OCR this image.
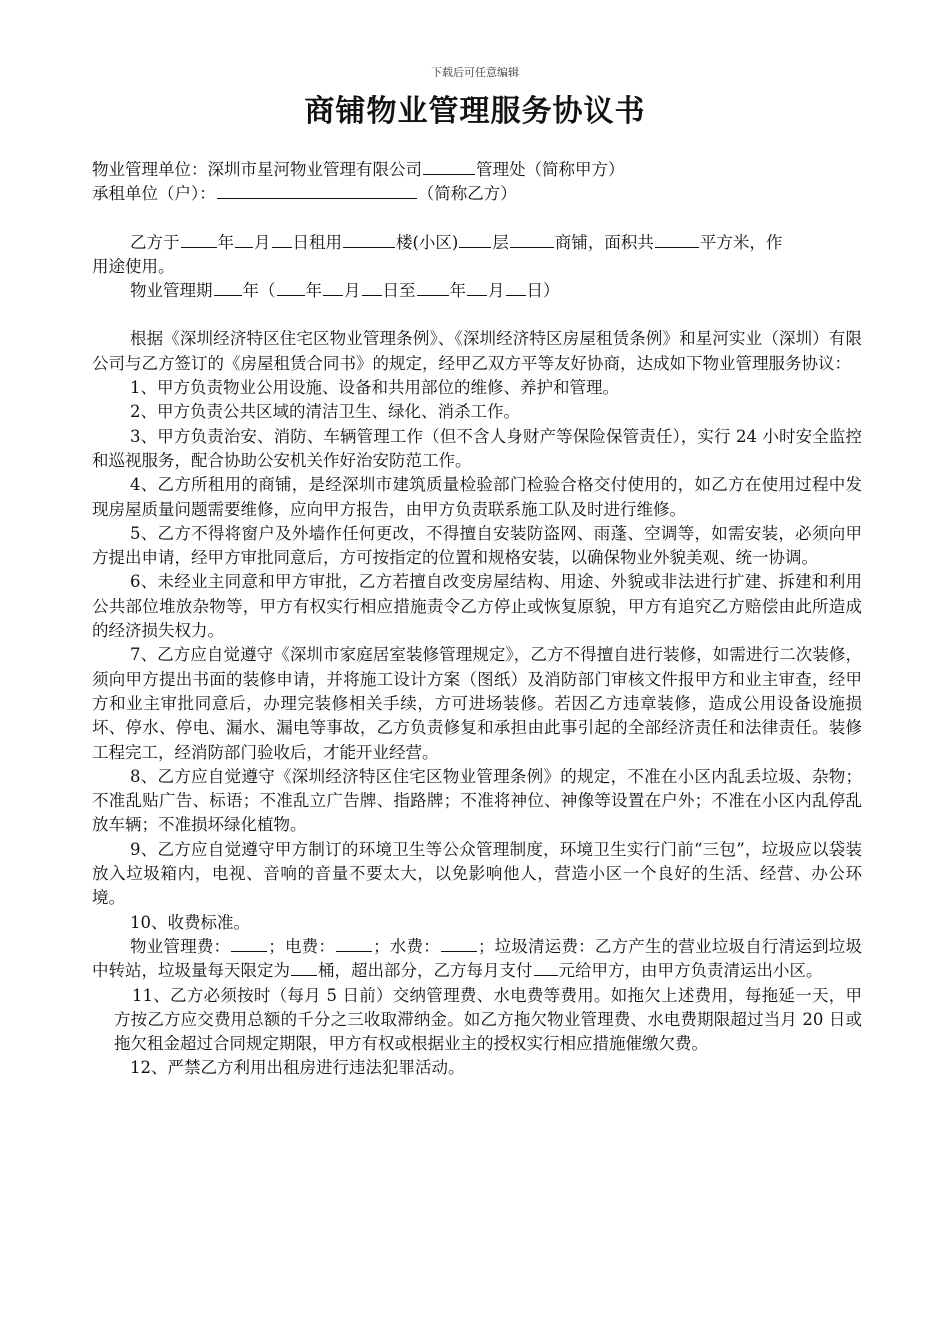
下载后可任意编辑
商铺物业管理服务协议书
物业管理单位：深圳市星河物业管理有限公司	管理处（简称甲方）
承租单位（户）：	（简称乙方）
乙方于 年 月 日租用	楼(小区) 层	商铺，面积共	平方米，作
用途使用。
物业管理期 年（ 年 月 日至 年 月 日）
根据《深圳经济特区住宅区物业管理条例》、《深圳经济特区房屋租赁条例》和星河实业（深圳）有限公司与乙方签订的《房屋租赁合同书》的规定，经甲乙双方平等友好协商，达成如下物业管理服务协议：
1、甲方负责物业公用设施、设备和共用部位的维修、养护和管理。
2、甲方负责公共区域的清洁卫生、绿化、消杀工作。
3、甲方负责治安、消防、车辆管理工作（但不含人身财产等保险保管责任），实行 24 小时安全监控和巡视服务，配合协助公安机关作好治安防范工作。
4、乙方所租用的商铺，是经深圳市建筑质量检验部门检验合格交付使用的，如乙方在使用过程中发现房屋质量问题需要维修，应向甲方报告，由甲方负责联系施工队及时进行维修。
5、乙方不得将窗户及外墙作任何更改，不得擅自安装防盗网、雨蓬、空调等，如需安装，必须向甲方提出申请，经甲方审批同意后，方可按指定的位置和规格安装，以确保物业外貌美观、统一协调。
6、未经业主同意和甲方审批，乙方若擅自改变房屋结构、用途、外貌或非法进行扩建、拆建和利用公共部位堆放杂物等，甲方有权实行相应措施责令乙方停止或恢复原貌，甲方有追究乙方赔偿由此所造成的经济损失权力。
7、乙方应自觉遵守《深圳市家庭居室装修管理规定》，乙方不得擅自进行装修，如需进行二次装修，须向甲方提出书面的装修申请，并将施工设计方案（图纸）及消防部门审核文件报甲方和业主审查，经甲方和业主审批同意后，办理完装修相关手续，方可进场装修。若因乙方违章装修，造成公用设备设施损坏、停水、停电、漏水、漏电等事故，乙方负责修复和承担由此事引起的全部经济责任和法律责任。装修工程完工，经消防部门验收后，才能开业经营。
8、乙方应自觉遵守《深圳经济特区住宅区物业管理条例》的规定，不准在小区内乱丢垃圾、杂物；不准乱贴广告、标语；不准乱立广告牌、指路牌；不准将神位、神像等设置在户外；不准在小区内乱停乱放车辆；不准损坏绿化植物。
9、乙方应自觉遵守甲方制订的环境卫生等公众管理制度，环境卫生实行门前“三包”，垃圾应以袋装放入垃圾箱内，电视、音响的音量不要太大，以免影响他人，营造小区一个良好的生活、经营、办公环境。
10、收费标准。
物业管理费： ；电费： ；水费： ；垃圾清运费：乙方产生的营业垃圾自行清运到垃圾中转站，垃圾量每天限定为 桶，超出部分，乙方每月支付 元给甲方，由甲方负责清运出小区。
11、乙方必须按时（每月 5 日前）交纳管理费、水电费等费用。如拖欠上述费用，每拖延一天，甲方按乙方应交费用总额的千分之三收取滞纳金。如乙方拖欠物业管理费、水电费期限超过当月 20 日或拖欠租金超过合同规定期限，甲方有权或根据业主的授权实行相应措施催缴欠费。
12、严禁乙方利用出租房进行违法犯罪活动。
